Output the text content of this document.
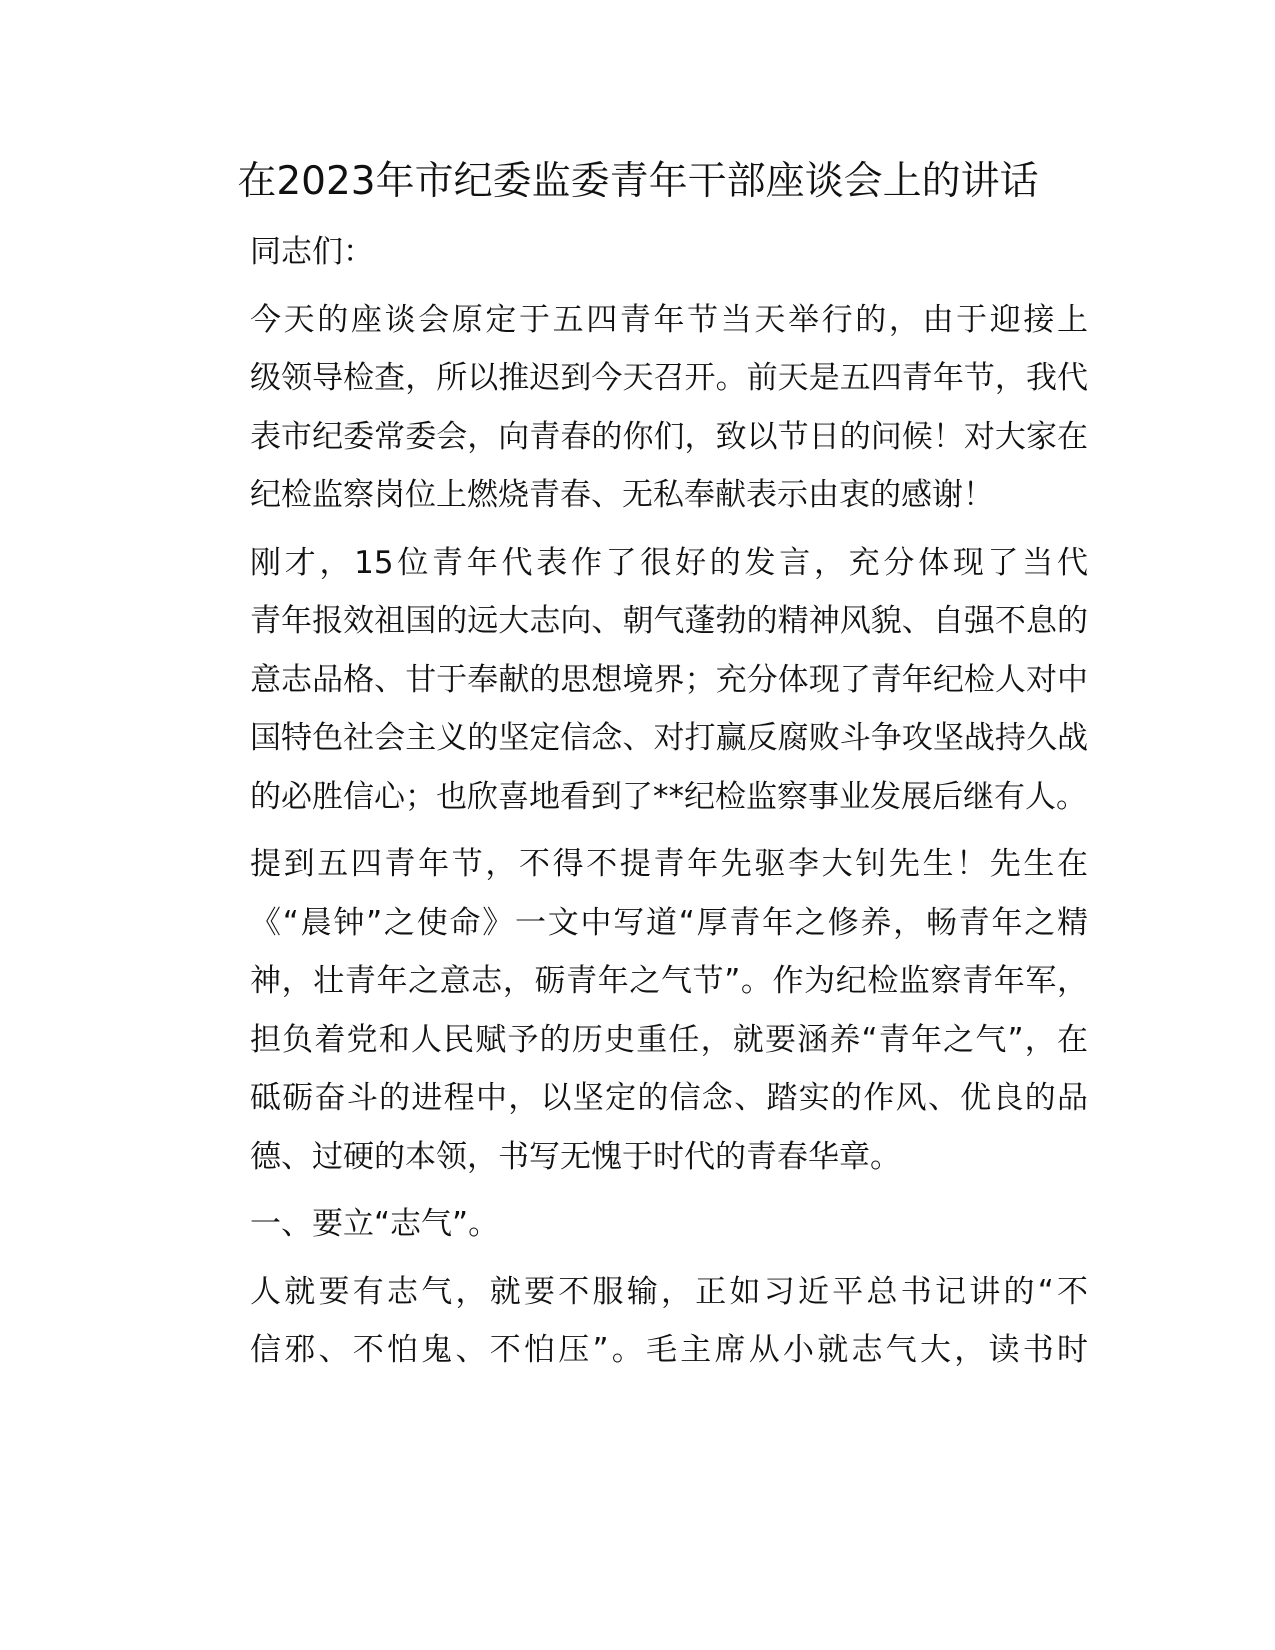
在2023年市纪委监委青年干部座谈会上的讲话

同志们：

今天的座谈会原定于五四青年节当天举行的，由于迎接上
级领导检查，所以推迟到今天召开。前天是五四青年节，我代
表市纪委常委会，向青春的你们，致以节日的问候！对大家在
纪检监察岗位上燃烧青春、无私奉献表示由衷的感谢！

刚才，15位青年代表作了很好的发言，充分体现了当代
青年报效祖国的远大志向、朝气蓬勃的精神风貌、自强不息的
意志品格、甘于奉献的思想境界；充分体现了青年纪检人对中
国特色社会主义的坚定信念、对打赢反腐败斗争攻坚战持久战
的必胜信心；也欣喜地看到了**纪检监察事业发展后继有人。

提到五四青年节，不得不提青年先驱李大钊先生！先生在
《“晨钟”之使命》一文中写道“厚青年之修养，畅青年之精
神，壮青年之意志，砺青年之气节”。作为纪检监察青年军，
担负着党和人民赋予的历史重任，就要涵养“青年之气”，在
砥砺奋斗的进程中，以坚定的信念、踏实的作风、优良的品
德、过硬的本领，书写无愧于时代的青春华章。

一、要立“志气”。

人就要有志气，就要不服输，正如习近平总书记讲的“不
信邪、不怕鬼、不怕压”。毛主席从小就志气大，读书时
